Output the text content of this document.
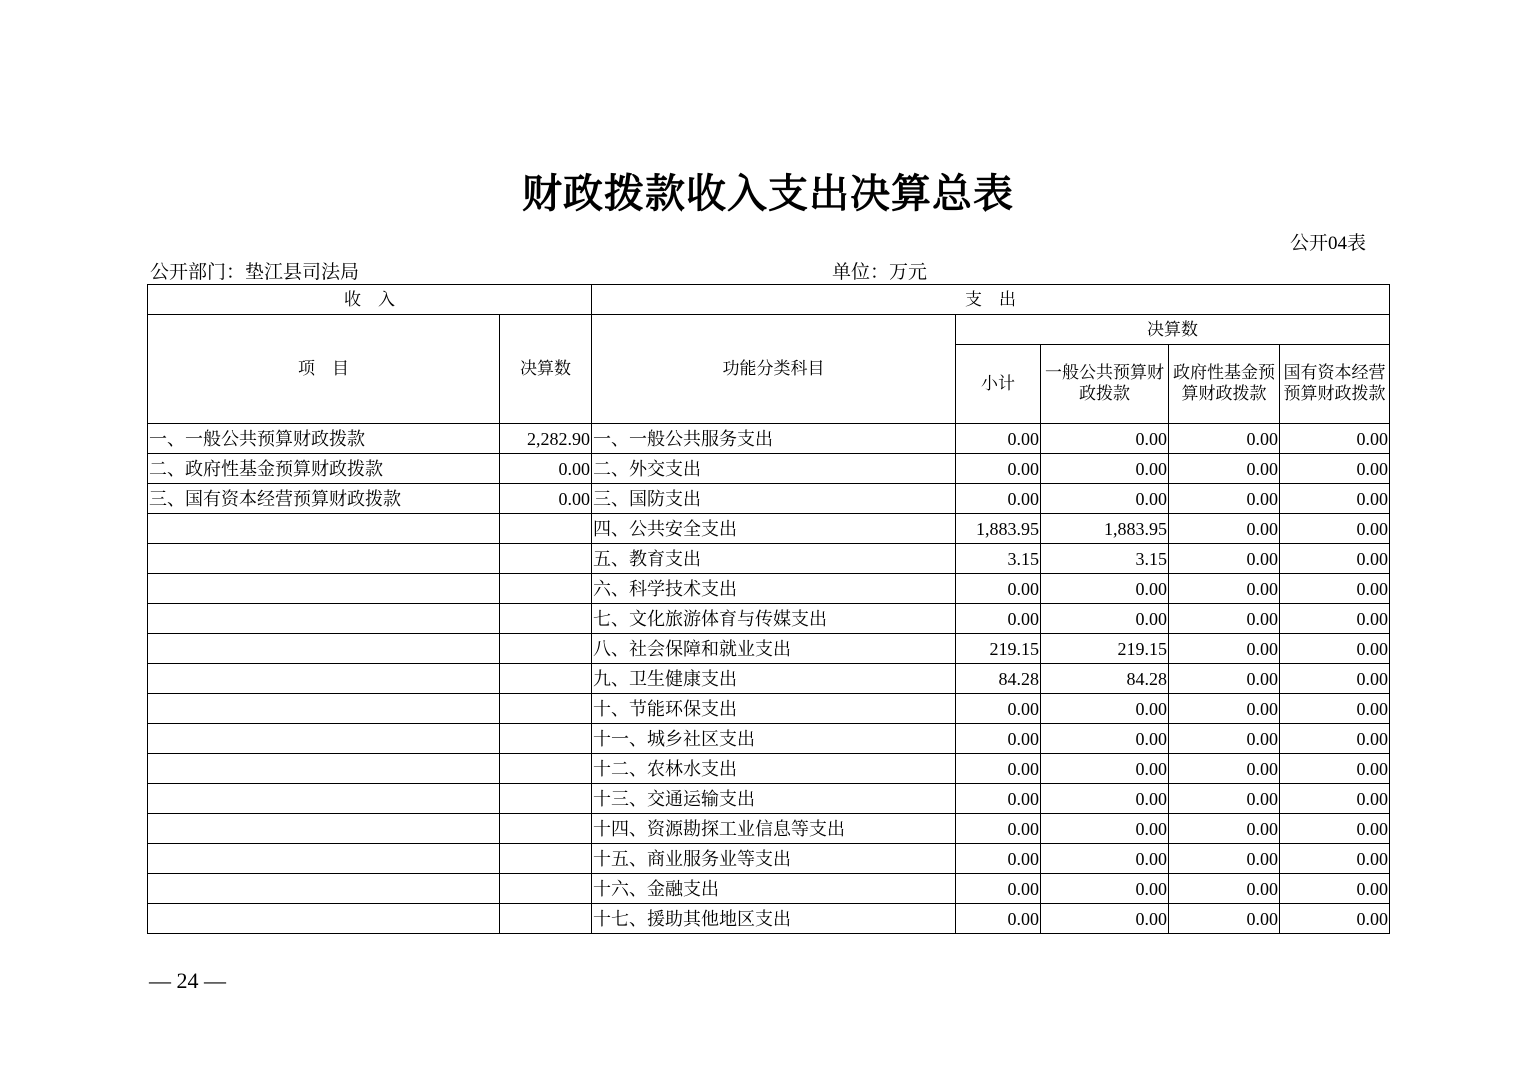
财政拨款收入支出决算总表
公开04表
公开部门：垫江县司法局	单位：万元
收　入		支　出				
项　目	决算数	功能分类科目	决算数			
			小计	一般公共预算财政拨款	政府性基金预算财政拨款	国有资本经营预算财政拨款
一、一般公共预算财政拨款	2,282.90	一、一般公共服务支出	0.00	0.00	0.00	0.00
二、政府性基金预算财政拨款	0.00	二、外交支出	0.00	0.00	0.00	0.00
三、国有资本经营预算财政拨款	0.00	三、国防支出	0.00	0.00	0.00	0.00
		四、公共安全支出	1,883.95	1,883.95	0.00	0.00
		五、教育支出	3.15	3.15	0.00	0.00
		六、科学技术支出	0.00	0.00	0.00	0.00
		七、文化旅游体育与传媒支出	0.00	0.00	0.00	0.00
		八、社会保障和就业支出	219.15	219.15	0.00	0.00
		九、卫生健康支出	84.28	84.28	0.00	0.00
		十、节能环保支出	0.00	0.00	0.00	0.00
		十一、城乡社区支出	0.00	0.00	0.00	0.00
		十二、农林水支出	0.00	0.00	0.00	0.00
		十三、交通运输支出	0.00	0.00	0.00	0.00
		十四、资源勘探工业信息等支出	0.00	0.00	0.00	0.00
		十五、商业服务业等支出	0.00	0.00	0.00	0.00
		十六、金融支出	0.00	0.00	0.00	0.00
		十七、援助其他地区支出	0.00	0.00	0.00	0.00
— 24 —
